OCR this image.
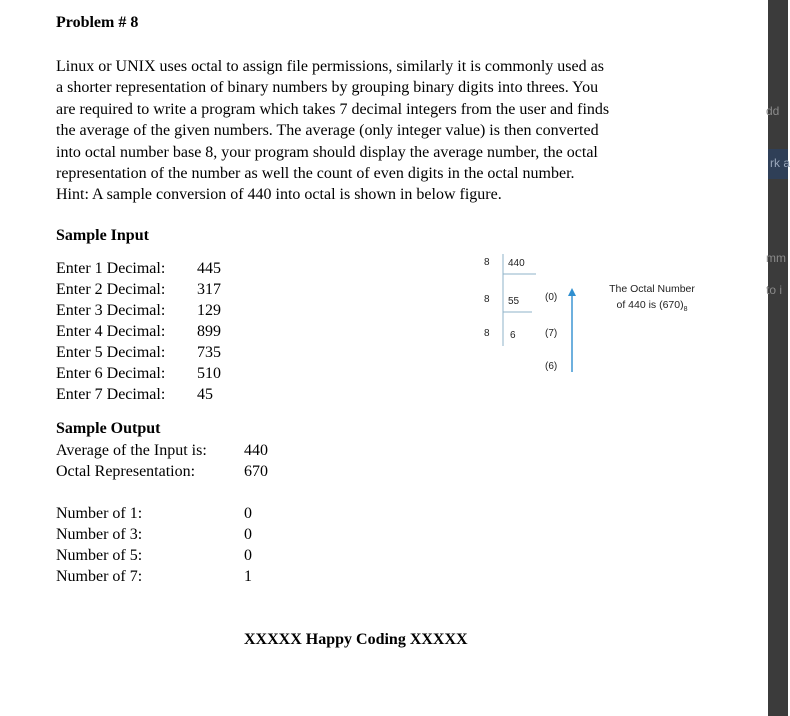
Problem # 8

Linux or UNIX uses octal to assign file permissions, similarly it is commonly used as
a shorter representation of binary numbers by grouping binary digits into threes. You
are required to write a program which takes 7 decimal integers from the user and finds
the average of the given numbers. The average (only integer value) is then converted
into octal number base 8, your program should display the average number, the octal
representation of the number as well the count of even digits in the octal number.
Hint: A sample conversion of 440 into octal is shown in below figure.

Sample Input
Enter 1 Decimal: 445
Enter 2 Decimal: 317
Enter 3 Decimal: 129
Enter 4 Decimal: 899
Enter 5 Decimal: 735
Enter 6 Decimal: 510
Enter 7 Decimal: 45
Sample Output
Average of the Input is: 440
Octal Representation:	670
Number of 1:	0
Number of 3:	0
Number of 5:	0
Number of 7:	1
8 440
8 55	(0)
8 6	(7)
(6)
The Octal Number
of 440 is $(670)_8$
XXXXX Happy Coding XXXXX
dd
rk a
mm
to i
